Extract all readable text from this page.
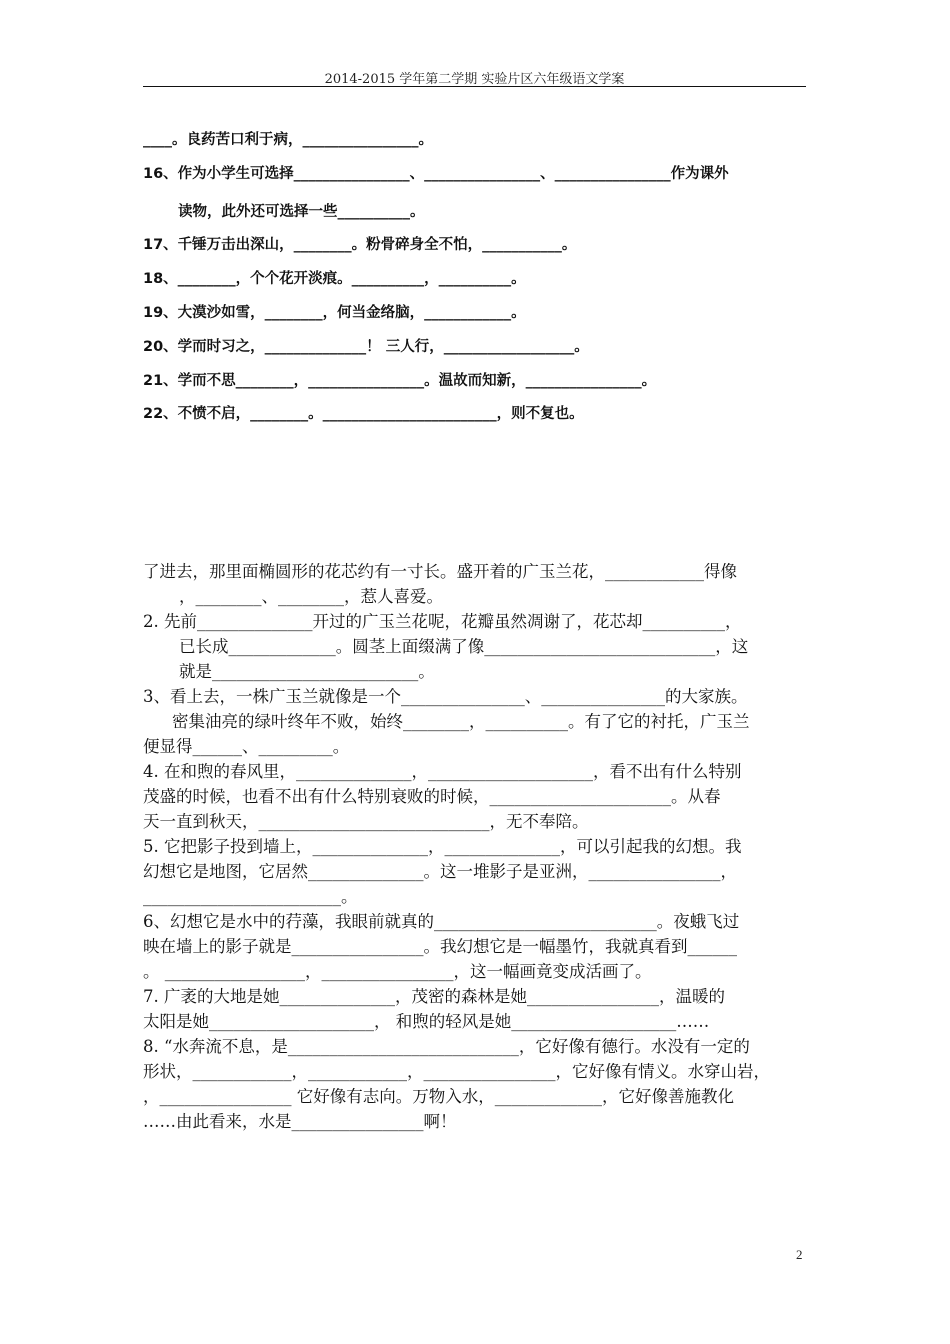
2014-2015 学年第二学期 实验片区六年级语文学案
____。良药苦口利于病，________________。
16、作为小学生可选择________________、________________、________________作为课外
读物，此外还可选择一些__________。
17、千锤万击出深山，________。粉骨碎身全不怕，___________。
18、________，个个花开淡痕。__________，__________。
19、大漠沙如雪，________，何当金络脑，____________。
20、学而时习之，______________！ 三人行，__________________。
21、学而不思________，________________。温故而知新，________________。
22、不愤不启，________。________________________，则不复也。
了进去，那里面椭圆形的花芯约有一寸长。盛开着的广玉兰花，____________得像
，________、________，惹人喜爱。
2. 先前______________开过的广玉兰花呢，花瓣虽然凋谢了，花芯却__________，
已长成_____________。圆茎上面缀满了像____________________________，这
就是_________________________。
3、看上去，一株广玉兰就像是一个_______________、_______________的大家族。
密集油亮的绿叶终年不败，始终________，__________。有了它的衬托，广玉兰
便显得______、_________。
4. 在和煦的春风里，______________，____________________，看不出有什么特别
茂盛的时候，也看不出有什么特别衰败的时候，______________________。从春
天一直到秋天，____________________________，无不奉陪。
5. 它把影子投到墙上，______________，______________，可以引起我的幻想。我
幻想它是地图，它居然______________。这一堆影子是亚洲，________________，
________________________。
6、幻想它是水中的荇藻，我眼前就真的___________________________。夜蛾飞过
映在墙上的影子就是________________。我幻想它是一幅墨竹，我就真看到______
。 _________________，________________，这一幅画竟变成活画了。
7. 广袤的大地是她______________，茂密的森林是她________________，温暖的
太阳是她____________________， 和煦的轻风是她____________________……
8. “水奔流不息，是____________________________，它好像有德行。水没有一定的
形状，____________，____________，________________，它好像有情义。水穿山岩，
，________________ 它好像有志向。万物入水，_____________，它好像善施教化
……由此看来，水是________________啊！
2
